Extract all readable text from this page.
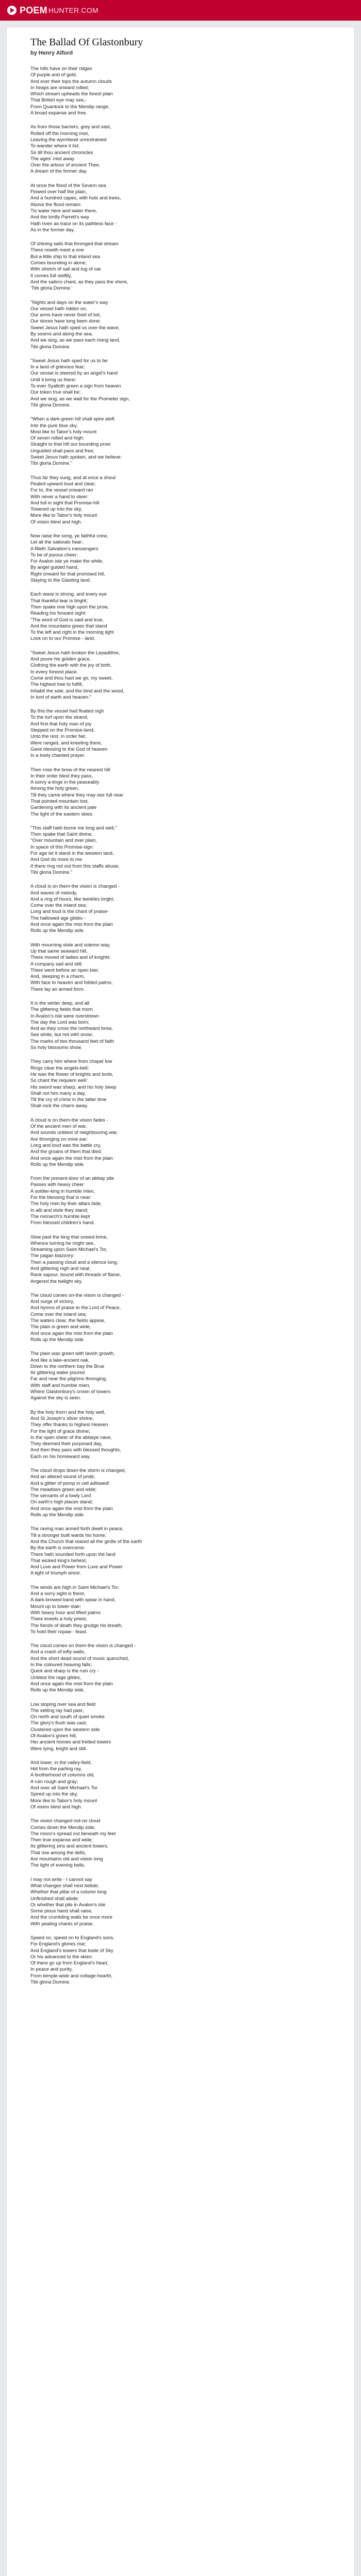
POEM HUNTER.COM
The Ballad Of Glastonbury
by Henry Alford
The hills have on their ridges
Of purple and of gold,
And ever their tops the autumn clouds
In heaps are onward rolled;
Which stream upheads the forest plain
That British eye may see,-
From Quantock to the Mendip range,
A broad expanse and free.
As from those barriers, grey and vast,
Rolled off the morning mist,
Leaving the wyrmbowl unrestrained
To wander where it list;
So till thou ancient chronicles
The ages' mist away
Over the arbour of ancient Thee,
A dream of the former day.
At once the flood of the Severn sea
Flowed over half the plain,
And a hundred capes, with huts and trees,
Above the flood remain:
Tis water here and water there,
And the lordly Parrett's way
Hath riven as trace on its pathless face -
As in the former day.
Of shining sails that thronged that stream
There nowith meet a one
But a little ship to that inland sea
Comes bounding in alone;
With stretch of sail and tug of oar
It comes full swiftly,
And the sailors chant, as they pass the shore,
'Tibi gloria Domine.'
"Nights and days on the water's way
Our vessel hath ridden on,
Our arms have never fired of toil,
Our stores have long been done:
Sweet Jesus hath sped us over the wave,
By sooms and along the sea,
And we sing, as we pass each rising land,
Tibi gloria Domine.
"Sweet Jesus hath sped for us to be
In a land of grievous fear;
Our vessel is steered by an angel's hand
Until it bring us there:
To ever Syalloth green a sign from heaven
Our token true shall be;
And we sing, as we wait for the Prometer sign,
Tibi gloria Domine.
"When a dark-green hill shall spire aloft
Into the pure blue sky,
Most like to Tabor's holy mount
Of seven rolled and high;
Straight to that hill our bounding prow
Unguided shall pass and free;
Sweet Jesus hath spoken, and we believe:
Tibi gloria Domine."
Thus far they sung, and at once a shout
Pealed upward loud and clear;
For to, the vessel onward ran
With never a hand to steer:
And full in sight that Promise-hill
Towered up into the sky,
More like to Tabor's holy mount
Of vision blest and high.
Now raise the song, ye faithful crew,
Let all the sailorals hear;
A filleth Salvation's messengers
To be of joyous cheer;
For Avalon isle ye make the while,
By angel guided hand,
Right onward for that promised hill,
Staying to the Glasting land.
Each wave is strong, and every eye
That thankful tear is bright;
Then spake one high upon the prow,
Reading his forward sight:
"The word of God is said and true,
And the mountains green that stand
To the left and right in the morning light
Look on to our Promise - land.
"Sweet Jesus hath broken the Lepadithre,
And poure his golden grace,
Clothing the earth with the joy of birth,
In every foreest place.
Come and thou hast we go, my sweet,
The highest tree to fulfill,
Inhabit the sole, and the bind and the wood,
In lord of earth and heaven."
By this the vessel had floated nigh
To the turf upon the strand,
And first that holy man of joy
Stepped on the Promise-land;
Unto the rest, in order fair,
Were ranged, and kneeling there,
Gave blessing to the God of heaven
In a lowly chanted prayer.
Then rose the brow of the nearest hill
In their order blest they pass,
A sonry a-tinge in the peaceably
Among the holy green,
Till they came where they may see full near
That pointed mountain lost,
Gardening with its ancient pale
The light of the eastern skies.
"This staff hath borne me long and well,"
Then spake that Saint divine,
"Over mountain and over plain,
In space of this Promise-sign:
For age let it stand in the western land,
And God do more to me
If there ring not out from this staffs abuse,
Tibi gloria Domine."
A cloud is on them-the vision is changed -
And waves of melody,
And a ring of hours, like twinkles bright,
Come over the inland sea;
Long and loud is the chant of praise-
The hallowed age glides -
And once again the mist from the plain
Rolls up the Mendip side.
With mourning stole and solemn way,
Up that same seaward hill,
There moved of ladies and of knights
A company sad and still;
There went before an open bier,
And, sleeping in a charm,
With face to heaven and folded palms,
There lay an armed form.
It is the winter deep, and all
The glittering fields that morn
In Avalon's isle were overstrewn
The day the Lord was born;
And as they cross the northward brow,
See white, but not with snow;
The marks of two thousand feet of faith
So holy blossoms show.
They carry him where from chapel low
Rings clear the angels-bell;
He was the flower of knights and lords,
So chant the requiem well:
His sword was sharp, and his holy sleep
Shall not him many a day,
Till the cry of crime in the latter time
Shall rock the charm away.
A cloud is on them-the vision fades -
Of the ancient men of war,
And sounds unblest of neighbouring war,
Are thronging on mine ear:
Long and loud was the battle cry,
And the groans of them that died;
And once again the mist from the plain
Rolls up the Mendip side.
From the present-door of an abbay pile
Passes with heavy cheer
A soldier-king in humble mien,
For the blessing that is near:
The holy men by their altars bide,
In alb and stole they stand;
The monarch's humble kept
From blessed children's hand.
Slow past the king that sowed brine,
Whence turning he might see,
Streaming upon Saint Michael's Tor,
The pagan blazonry:
Then a passing cloud and a silence long,
And glittering nigh and near;
Rank sapour, bound with threads of flame,
Angered the twilight sky.
The cloud comes on-the vision is changed -
And surge of victory,
And hymns of praise to the Lord of Peace,
Come over the inland sea;
The waters clear, the fields appear,
The plain is green and wide,
And once again the mist from the plain
Rolls up the Mendip side.
The plain was green with lavish growth,
And like a lake-ancient oak,
Down to the northern bay the Brue
Its glittering water poured
Far and near the pilgrims thronging,
With staff and humble mien,
Where Glastonbury's crown of towers
Against the sky is seen.
By the holy thorn and the holy well,
And St Joseph's silver shrine,
They offer thanks to highest Heaven
For the light of grace divine;
In the open sheer of the abbaye nave,
They deemed their purposed day,
And then they pass with blessed thoughts,
Each on his homeward way.
The cloud drops down-the storm is changed,
And an altered sound of pride;
And a glitter of pomp in cell adlowed!
The meadows green and wide;
The servants of a lowly Lord
On earth's high places stand;
And once again the mist from the plain
Rolls up the Mendip side.
The raving man armed forth dwelt in peace,
Till a stronger built wards his home,
And the Church that reared all the girdle of the earth
By the earth is overcome.
There hath sounded forth upon the land
That wicked king's behest,
And Luve and Power from Luve and Power
A tight of triumph wrest.
The winds are high in Saint Michael's Tor,
And a sorry sight is there,
A dark-browed band with spear in hand,
Mount up to tower-stair;
With heavy hour and lifted palms
There kneels a holy priest,
The fiends of death they grudge his breath,
To hold their ropaw - feast.
The cloud comes on them-the vision is changed -
And a crash of lofty walls,
And the short dead sound of music quenched,
In the coloured heaving falls;
Quick and sharp is the ruin cry -
Unblest the rage glides,
And once again the mist from the plain
Rolls up the Mendip side.
Low sloping over sea and field
The setting ray had past,
On north and south of quiet smoke
The glory's flush was cast;
Clustered upon the western side
Of Avalon's green hill,
Her ancient homes and fretted towers
Were lying, bright and still.
And lower, in the valley-field,
Hid from the parting ray,
A brotherhood of columns old,
A ruin rough and gray;
And over all Saint Michael's Tor
Spired up into the sky,
More like to Tabor's holy mount
Of vision blest and high.
The vision changed not-no cloud
Comes down the Mendip side,
The moon's spread out beneath my feet
Then true expanse and wide;
Its glittering sins and ancient towers,
That rise among the dells,
Are mountains old and vision long
The light of evening bells.
I may not write - I cannot say
What changes shall next betide;
Whether that pillar of a column long
Unfinished shall abide;
Or whether that pile in Avalon's isle
Some pious hand shall raise,
And the crumbling walls be once more
With pealing chants of praise.
Speed on, speed on to England's sons,
For England's glories rise;
And England's towers that bode of Sky
Or his advanced to the skies:
Of there go up from England's heart,
In peace and purity,
From temple-aisle and cottage-hearth,
Tibi gloria Domine.
